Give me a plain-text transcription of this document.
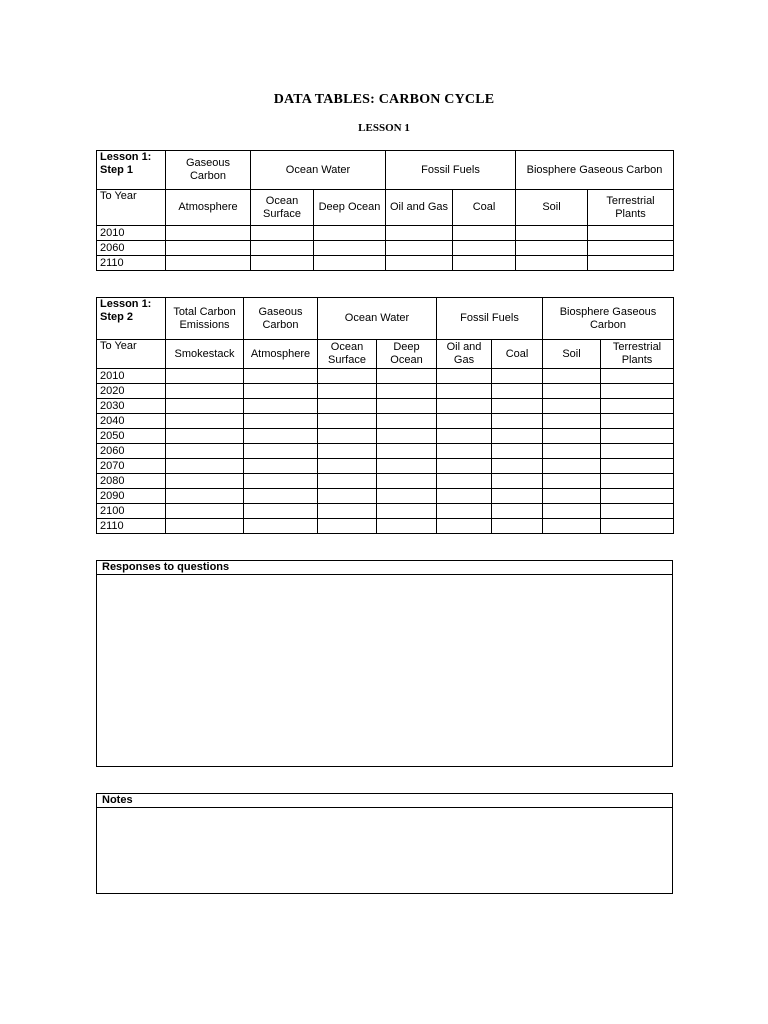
DATA TABLES: CARBON CYCLE
LESSON 1
Lesson 1: Step 1	Gaseous Carbon	Ocean Water		Fossil Fuels		Biosphere Gaseous Carbon	
To Year	Atmosphere	Ocean Surface	Deep Ocean	Oil and Gas	Coal	Soil	Terrestrial Plants
2010							
2060							
2110							
Lesson 1: Step 2	Total Carbon Emissions	Gaseous Carbon	Ocean Water		Fossil Fuels		Biosphere Gaseous Carbon	
To Year	Smokestack	Atmosphere	Ocean Surface	Deep Ocean	Oil and Gas	Coal	Soil	Terrestrial Plants
2010								
2020								
2030								
2040								
2050								
2060								
2070								
2080								
2090								
2100								
2110								
Responses to questions
Notes
